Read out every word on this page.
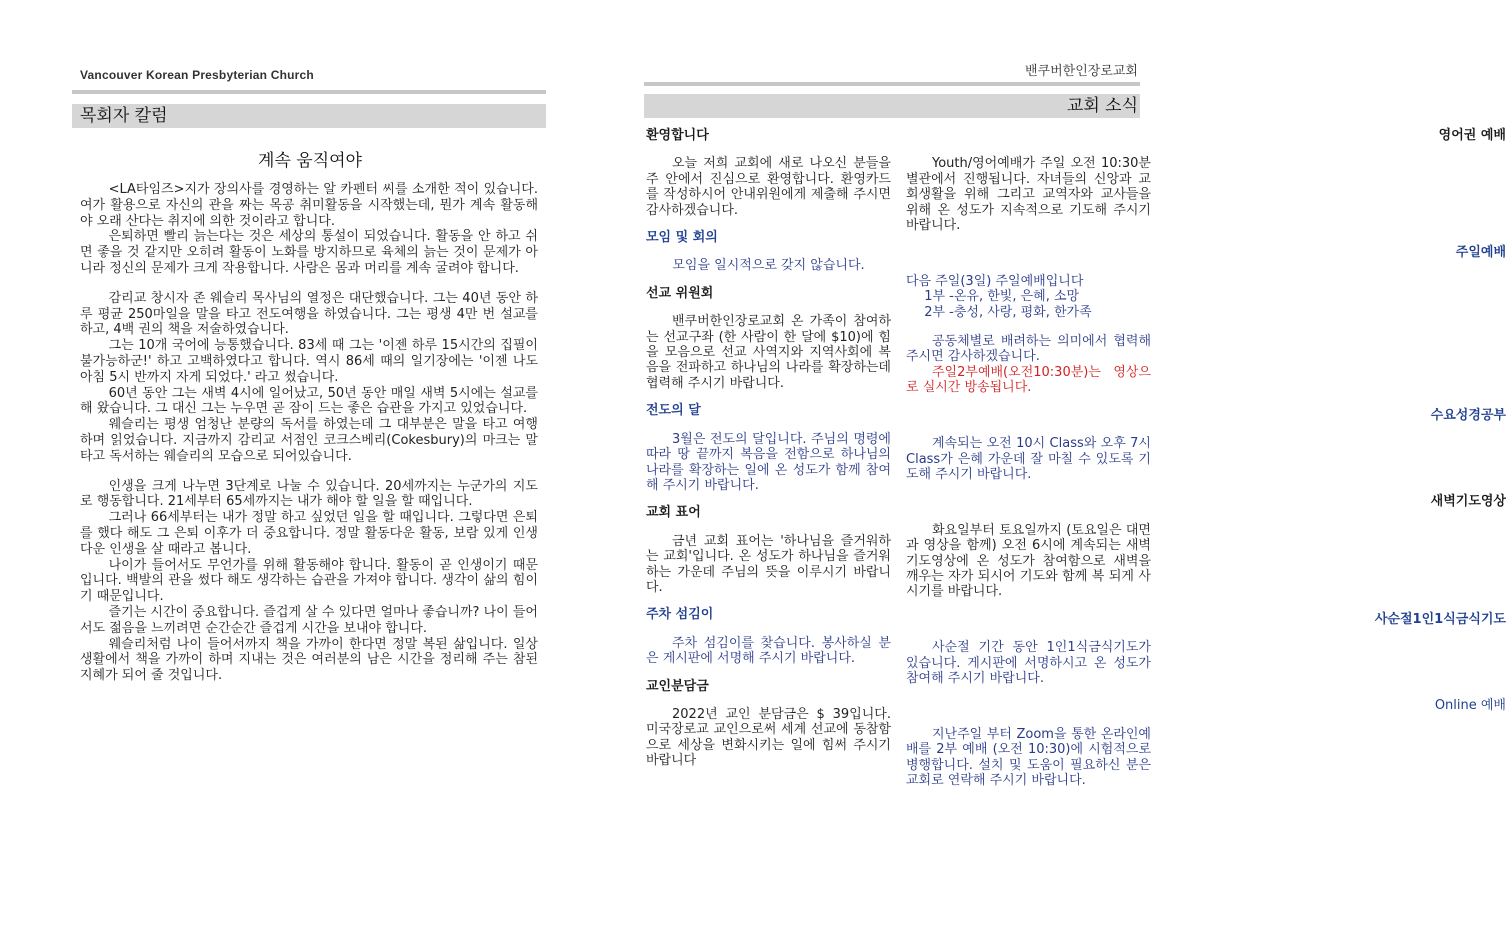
Vancouver Korean Presbyterian Church
목회자 칼럼
계속 움직여야

<LA타임즈>지가 장의사를 경영하는 알 카펜터 씨를 소개한 적이 있습니다. 여가 활용으로 자신의 관을 짜는 목공 취미활동을 시작했는데, 뭔가 계속 활동해야 오래 산다는 취지에 의한 것이라고 합니다.

은퇴하면 빨리 늙는다는 것은 세상의 통설이 되었습니다. 활동을 안 하고 쉬면 좋을 것 같지만 오히려 활동이 노화를 방지하므로 육체의 늙는 것이 문제가 아니라 정신의 문제가 크게 작용합니다. 사람은 몸과 머리를 계속 굴려야 합니다.

감리교 창시자 존 웨슬리 목사님의 열정은 대단했습니다. 그는 40년 동안 하루 평균 250마일을 말을 타고 전도여행을 하였습니다. 그는 평생 4만 번 설교를 하고, 4백 권의 책을 저술하였습니다.

그는 10개 국어에 능통했습니다. 83세 때 그는 '이젠 하루 15시간의 집필이 불가능하군!' 하고 고백하였다고 합니다. 역시 86세 때의 일기장에는 '이젠 나도 아침 5시 반까지 자게 되었다.' 라고 썼습니다.

60년 동안 그는 새벽 4시에 일어났고, 50년 동안 매일 새벽 5시에는 설교를 해 왔습니다. 그 대신 그는 누우면 곧 잠이 드는 좋은 습관을 가지고 있었습니다.

웨슬리는 평생 엄청난 분량의 독서를 하였는데 그 대부분은 말을 타고 여행하며 읽었습니다. 지금까지 감리교 서점인 코크스베리(Cokesbury)의 마크는 말 타고 독서하는 웨슬리의 모습으로 되어있습니다.

인생을 크게 나누면 3단계로 나눌 수 있습니다. 20세까지는 누군가의 지도로 행동합니다. 21세부터 65세까지는 내가 해야 할 일을 할 때입니다.

그러나 66세부터는 내가 정말 하고 싶었던 일을 할 때입니다. 그렇다면 은퇴를 했다 해도 그 은퇴 이후가 더 중요합니다. 정말 활동다운 활동, 보람 있게 인생다운 인생을 살 때라고 봅니다.

나이가 들어서도 무언가를 위해 활동해야 합니다. 활동이 곧 인생이기 때문입니다. 백발의 관을 썼다 해도 생각하는 습관을 가져야 합니다. 생각이 삶의 힘이기 때문입니다.

즐기는 시간이 중요합니다. 즐겁게 살 수 있다면 얼마나 좋습니까? 나이 들어서도 젊음을 느끼려면 순간순간 즐겁게 시간을 보내야 합니다.

웨슬리처럼 나이 들어서까지 책을 가까이 한다면 정말 복된 삶입니다. 일상생활에서 책을 가까이 하며 지내는 것은 여러분의 남은 시간을 정리해 주는 참된 지혜가 되어 줄 것입니다.

밴쿠버한인장로교회
교회 소식
환영합니다
오늘 저희 교회에 새로 나오신 분들을 주 안에서 진심으로 환영합니다. 환영카드를 작성하시어 안내위원에게 제출해 주시면 감사하겠습니다.
모임 및 회의
모임을 일시적으로 갖지 않습니다.
선교 위원회
밴쿠버한인장로교회 온 가족이 참여하는 선교구좌 (한 사람이 한 달에 $10)에 힘을 모음으로 선교 사역지와 지역사회에 복음을 전파하고 하나님의 나라를 확장하는데 협력해 주시기 바랍니다.
전도의 달
3월은 전도의 달입니다. 주님의 명령에 따라 땅 끝까지 복음을 전함으로 하나님의 나라를 확장하는 일에 온 성도가 함께 참여해 주시기 바랍니다.
교회 표어
금년 교회 표어는 '하나님을 즐거워하는 교회'입니다. 온 성도가 하나님을 즐거워하는 가운데 주님의 뜻을 이루시기 바랍니다.
주차 섬김이
주차 섬김이를 찾습니다. 봉사하실 분은 게시판에 서명해 주시기 바랍니다.
교인분담금
2022년 교인 분담금은 $ 39입니다. 미국장로교 교인으로써 세계 선교에 동참함으로 세상을 변화시키는 일에 힘써 주시기 바랍니다
영어권 예배
Youth/영어예배가 주일 오전 10:30분 별관에서 진행됩니다. 자녀들의 신앙과 교회생활을 위해 그리고 교역자와 교사들을 위해 온 성도가 지속적으로 기도해 주시기 바랍니다.
주일예배
다음 주일(3일) 주일예배입니다
1부 -온유, 한빛, 은혜, 소망
2부 -충성, 사랑, 평화, 한가족
공동체별로 배려하는 의미에서 협력해 주시면 감사하겠습니다.
주일2부예배(오전10:30분)는 영상으로 실시간 방송됩니다.
수요성경공부
계속되는 오전 10시 Class와 오후 7시 Class가 은혜 가운데 잘 마칠 수 있도록 기도해 주시기 바랍니다.
새벽기도영상
화요일부터 토요일까지 (토요일은 대면과 영상을 함께) 오전 6시에 계속되는 새벽기도영상에 온 성도가 참여함으로 새벽을 깨우는 자가 되시어 기도와 함께 복 되게 사시기를 바랍니다.
사순절1인1식금식기도
사순절 기간 동안 1인1식금식기도가 있습니다. 게시판에 서명하시고 온 성도가 참여해 주시기 바랍니다.
Online 예배
지난주일 부터 Zoom을 통한 온라인예배를 2부 예배 (오전 10:30)에 시험적으로 병행합니다. 설치 및 도움이 필요하신 분은 교회로 연락해 주시기 바랍니다.
